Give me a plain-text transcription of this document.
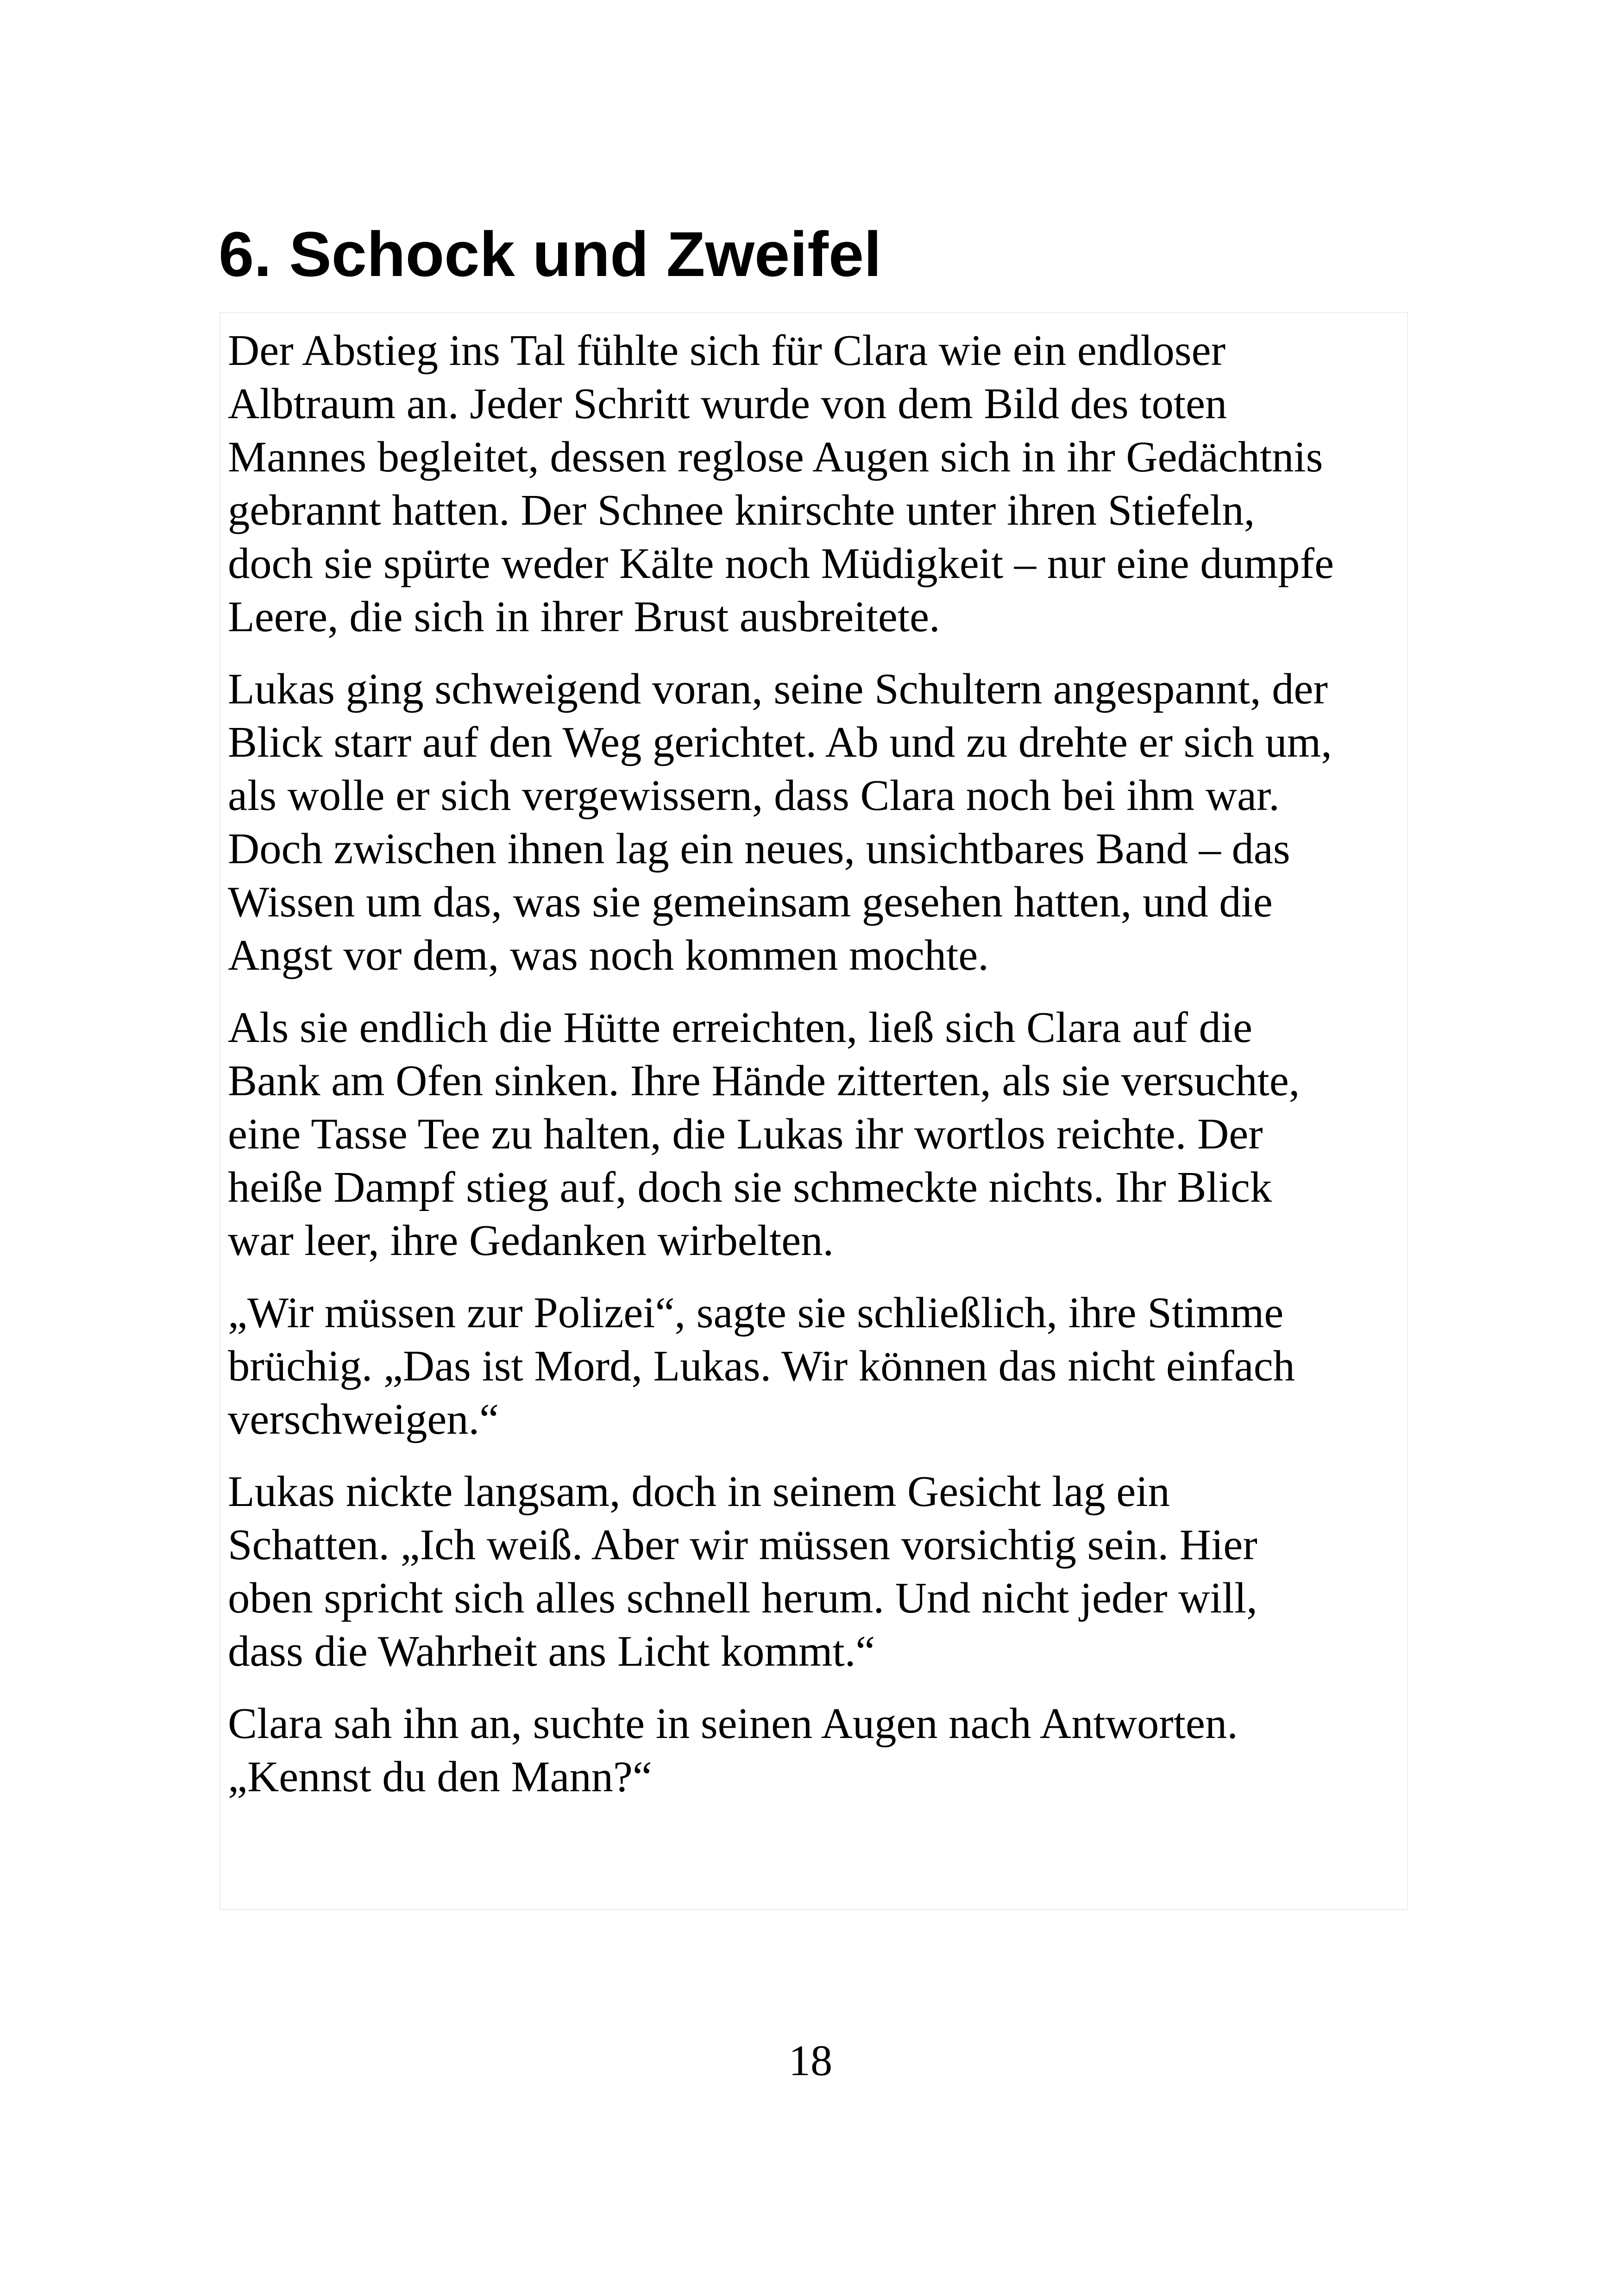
6. Schock und Zweifel

Der Abstieg ins Tal fühlte sich für Clara wie ein endloser
Albtraum an. Jeder Schritt wurde von dem Bild des toten
Mannes begleitet, dessen reglose Augen sich in ihr Gedächtnis
gebrannt hatten. Der Schnee knirschte unter ihren Stiefeln,
doch sie spürte weder Kälte noch Müdigkeit – nur eine dumpfe
Leere, die sich in ihrer Brust ausbreitete.

Lukas ging schweigend voran, seine Schultern angespannt, der
Blick starr auf den Weg gerichtet. Ab und zu drehte er sich um,
als wolle er sich vergewissern, dass Clara noch bei ihm war.
Doch zwischen ihnen lag ein neues, unsichtbares Band – das
Wissen um das, was sie gemeinsam gesehen hatten, und die
Angst vor dem, was noch kommen mochte.

Als sie endlich die Hütte erreichten, ließ sich Clara auf die
Bank am Ofen sinken. Ihre Hände zitterten, als sie versuchte,
eine Tasse Tee zu halten, die Lukas ihr wortlos reichte. Der
heiße Dampf stieg auf, doch sie schmeckte nichts. Ihr Blick
war leer, ihre Gedanken wirbelten.

„Wir müssen zur Polizei“, sagte sie schließlich, ihre Stimme
brüchig. „Das ist Mord, Lukas. Wir können das nicht einfach
verschweigen.“

Lukas nickte langsam, doch in seinem Gesicht lag ein
Schatten. „Ich weiß. Aber wir müssen vorsichtig sein. Hier
oben spricht sich alles schnell herum. Und nicht jeder will,
dass die Wahrheit ans Licht kommt.“

Clara sah ihn an, suchte in seinen Augen nach Antworten.
„Kennst du den Mann?“

18
